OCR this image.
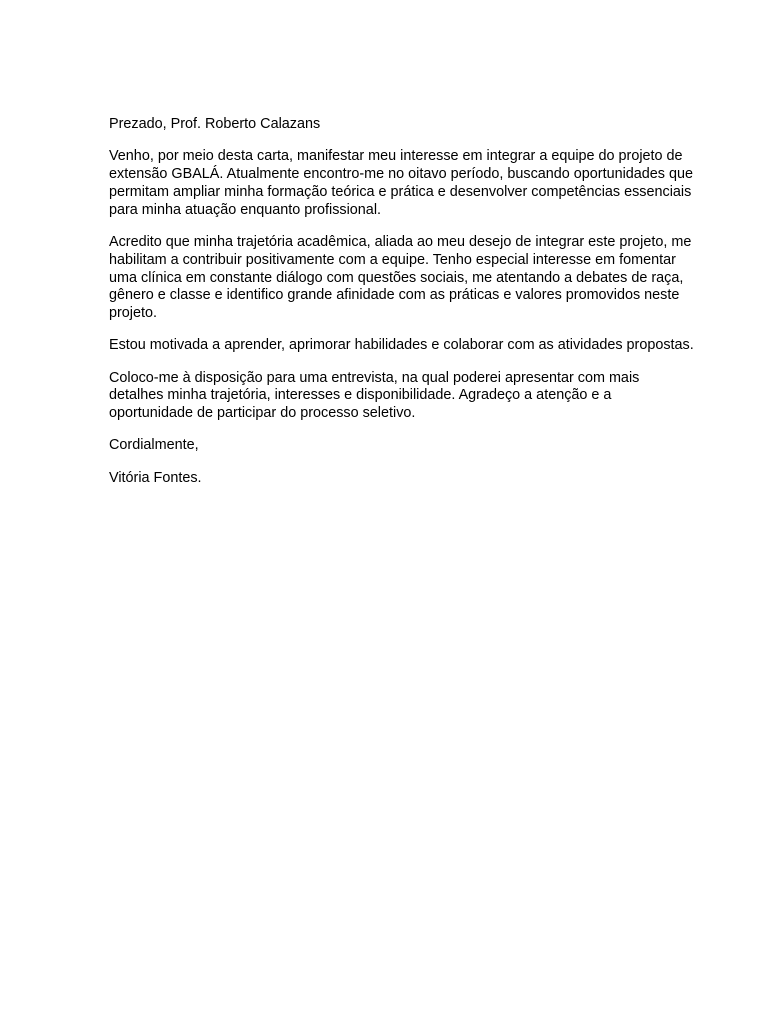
Prezado, Prof. Roberto Calazans

Venho, por meio desta carta, manifestar meu interesse em integrar a equipe do projeto de extensão GBALÁ. Atualmente encontro-me no oitavo período, buscando oportunidades que permitam ampliar minha formação teórica e prática e desenvolver competências essenciais para minha atuação enquanto profissional.

Acredito que minha trajetória acadêmica, aliada ao meu desejo de integrar este projeto, me habilitam a contribuir positivamente com a equipe. Tenho especial interesse em fomentar uma clínica em constante diálogo com questões sociais, me atentando a debates de raça, gênero e classe e identifico grande afinidade com as práticas e valores promovidos neste projeto.

Estou motivada a aprender, aprimorar habilidades e colaborar com as atividades propostas.

Coloco-me à disposição para uma entrevista, na qual poderei apresentar com mais detalhes minha trajetória, interesses e disponibilidade. Agradeço a atenção e a oportunidade de participar do processo seletivo.

Cordialmente,

Vitória Fontes.
